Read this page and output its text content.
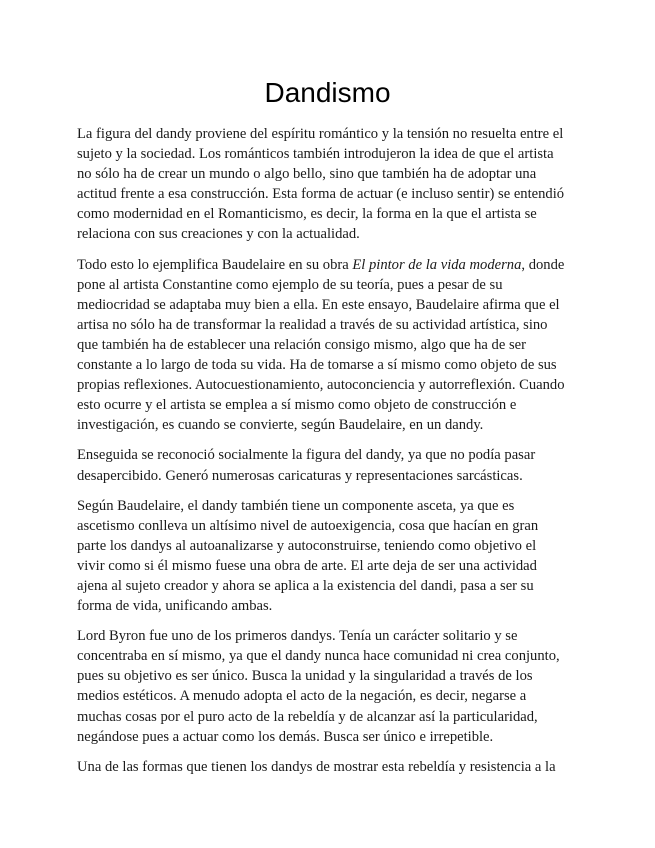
Dandismo

La figura del dandy proviene del espíritu romántico y la tensión no resuelta entre el
sujeto y la sociedad. Los románticos también introdujeron la idea de que el artista
no sólo ha de crear un mundo o algo bello, sino que también ha de adoptar una
actitud frente a esa construcción. Esta forma de actuar (e incluso sentir) se entendió
como modernidad en el Romanticismo, es decir, la forma en la que el artista se
relaciona con sus creaciones y con la actualidad.

Todo esto lo ejemplifica Baudelaire en su obra El pintor de la vida moderna, donde
pone al artista Constantine como ejemplo de su teoría, pues a pesar de su
mediocridad se adaptaba muy bien a ella. En este ensayo, Baudelaire afirma que el
artisa no sólo ha de transformar la realidad a través de su actividad artística, sino
que también ha de establecer una relación consigo mismo, algo que ha de ser
constante a lo largo de toda su vida. Ha de tomarse a sí mismo como objeto de sus
propias reflexiones. Autocuestionamiento, autoconciencia y autorreflexión. Cuando
esto ocurre y el artista se emplea a sí mismo como objeto de construcción e
investigación, es cuando se convierte, según Baudelaire, en un dandy.

Enseguida se reconoció socialmente la figura del dandy, ya que no podía pasar
desapercibido. Generó numerosas caricaturas y representaciones sarcásticas.

Según Baudelaire, el dandy también tiene un componente asceta, ya que es
ascetismo conlleva un altísimo nivel de autoexigencia, cosa que hacían en gran
parte los dandys al autoanalizarse y autoconstruirse, teniendo como objetivo el
vivir como si él mismo fuese una obra de arte. El arte deja de ser una actividad
ajena al sujeto creador y ahora se aplica a la existencia del dandi, pasa a ser su
forma de vida, unificando ambas.

Lord Byron fue uno de los primeros dandys. Tenía un carácter solitario y se
concentraba en sí mismo, ya que el dandy nunca hace comunidad ni crea conjunto,
pues su objetivo es ser único. Busca la unidad y la singularidad a través de los
medios estéticos. A menudo adopta el acto de la negación, es decir, negarse a
muchas cosas por el puro acto de la rebeldía y de alcanzar así la particularidad,
negándose pues a actuar como los demás. Busca ser único e irrepetible.

Una de las formas que tienen los dandys de mostrar esta rebeldía y resistencia a la
